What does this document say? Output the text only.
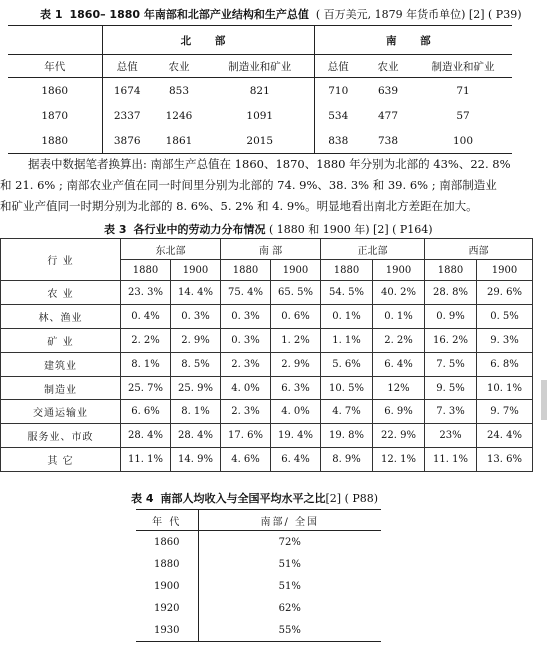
表 1 1860– 1880 年南部和北部产业结构和生产总值 ( 百万美元, 1879 年货币单位) [2] ( P39)
	北 部			南 部		
年代	总值	农业	制造业和矿业	总值	农业	制造业和矿业
1860	1674	853	821	710	639	71
1870	2337	1246	1091	534	477	57
1880	3876	1861	2015	838	738	100
据表中数据笔者换算出: 南部生产总值在 1860、1870、1880 年分别为北部的 43%、22. 8%
和 21. 6% ; 南部农业产值在同一时间里分别为北部的 74. 9%、38. 3% 和 39. 6% ; 南部制造业
和矿业产值同一时期分别为北部的 8. 6%、5. 2% 和 4. 9%。明显地看出南北方差距在加大。
表 3 各行业中的劳动力分布情况 ( 1880 和 1900 年) [2] ( P164)
行 业	东北部		南 部		正北部		西部	
	1880	1900	1880	1900	1880	1900	1880	1900
农 业	23. 3%	14. 4%	75. 4%	65. 5%	54. 5%	40. 2%	28. 8%	29. 6%
林、渔业	0. 4%	0. 3%	0. 3%	0. 6%	0. 1%	0. 1%	0. 9%	0. 5%
矿 业	2. 2%	2. 9%	0. 3%	1. 2%	1. 1%	2. 2%	16. 2%	9. 3%
建筑业	8. 1%	8. 5%	2. 3%	2. 9%	5. 6%	6. 4%	7. 5%	6. 8%
制造业	25. 7%	25. 9%	4. 0%	6. 3%	10. 5%	12%	9. 5%	10. 1%
交通运输业	6. 6%	8. 1%	2. 3%	4. 0%	4. 7%	6. 9%	7. 3%	9. 7%
服务业、市政	28. 4%	28. 4%	17. 6%	19. 4%	19. 8%	22. 9%	23%	24. 4%
其 它	11. 1%	14. 9%	4. 6%	6. 4%	8. 9%	12. 1%	11. 1%	13. 6%
表 4 南部人均收入与全国平均水平之比[2] ( P88)
年 代	南部/ 全国
1860	72%
1880	51%
1900	51%
1920	62%
1930	55%
